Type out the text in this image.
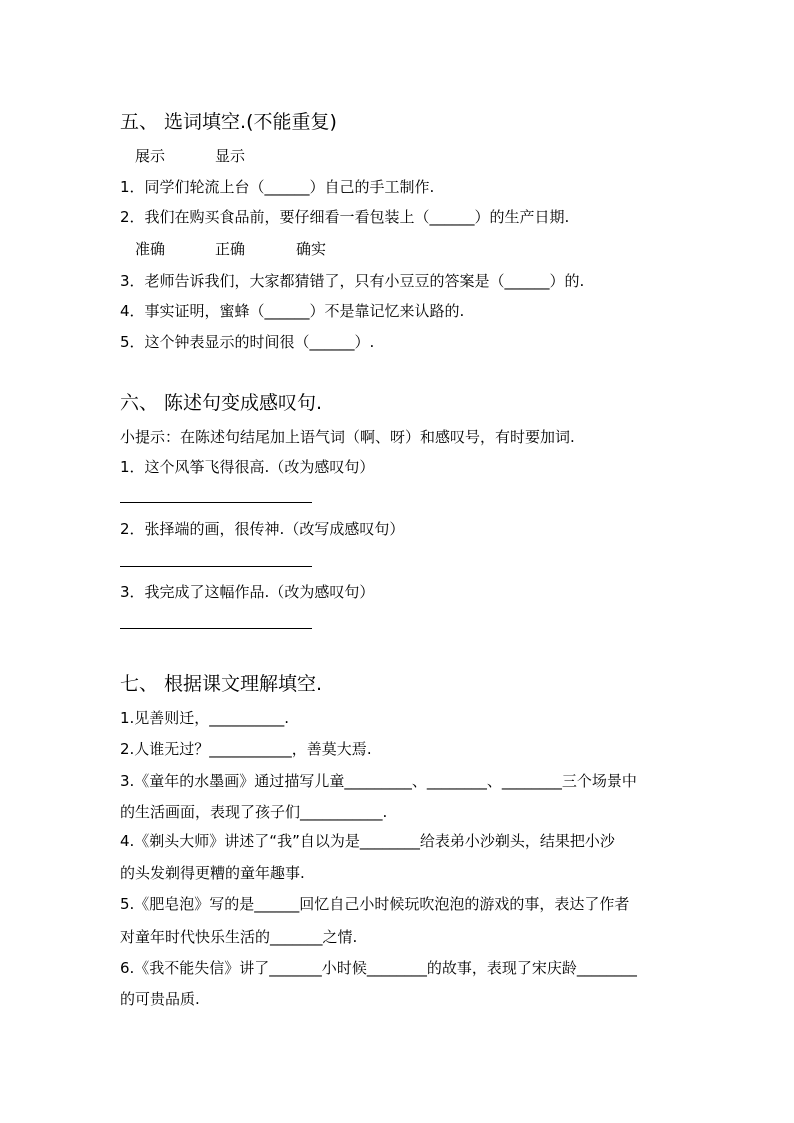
五、 选词填空.(不能重复)
展示	显示
1．同学们轮流上台（______）自己的手工制作.
2．我们在购买食品前，要仔细看一看包装上（______）的生产日期.
准确	正确	确实
3．老师告诉我们，大家都猜错了，只有小豆豆的答案是（______）的.
4．事实证明，蜜蜂（______）不是靠记忆来认路的.
5．这个钟表显示的时间很（______）.
六、 陈述句变成感叹句.
小提示：在陈述句结尾加上语气词（啊、呀）和感叹号，有时要加词.
1．这个风筝飞得很高.（改为感叹句）
2．张择端的画，很传神.（改写成感叹句）
3．我完成了这幅作品.（改为感叹句）
七、 根据课文理解填空.
1.见善则迁，__________.
2.人谁无过？___________，善莫大焉.
3.《童年的水墨画》通过描写儿童_________、________、________三个场景中
的生活画面，表现了孩子们___________.
4.《剃头大师》讲述了“我”自以为是________给表弟小沙剃头，结果把小沙
的头发剃得更糟的童年趣事.
5.《肥皂泡》写的是______回忆自己小时候玩吹泡泡的游戏的事，表达了作者
对童年时代快乐生活的_______之情.
6.《我不能失信》讲了_______小时候________的故事，表现了宋庆龄________
的可贵品质.
